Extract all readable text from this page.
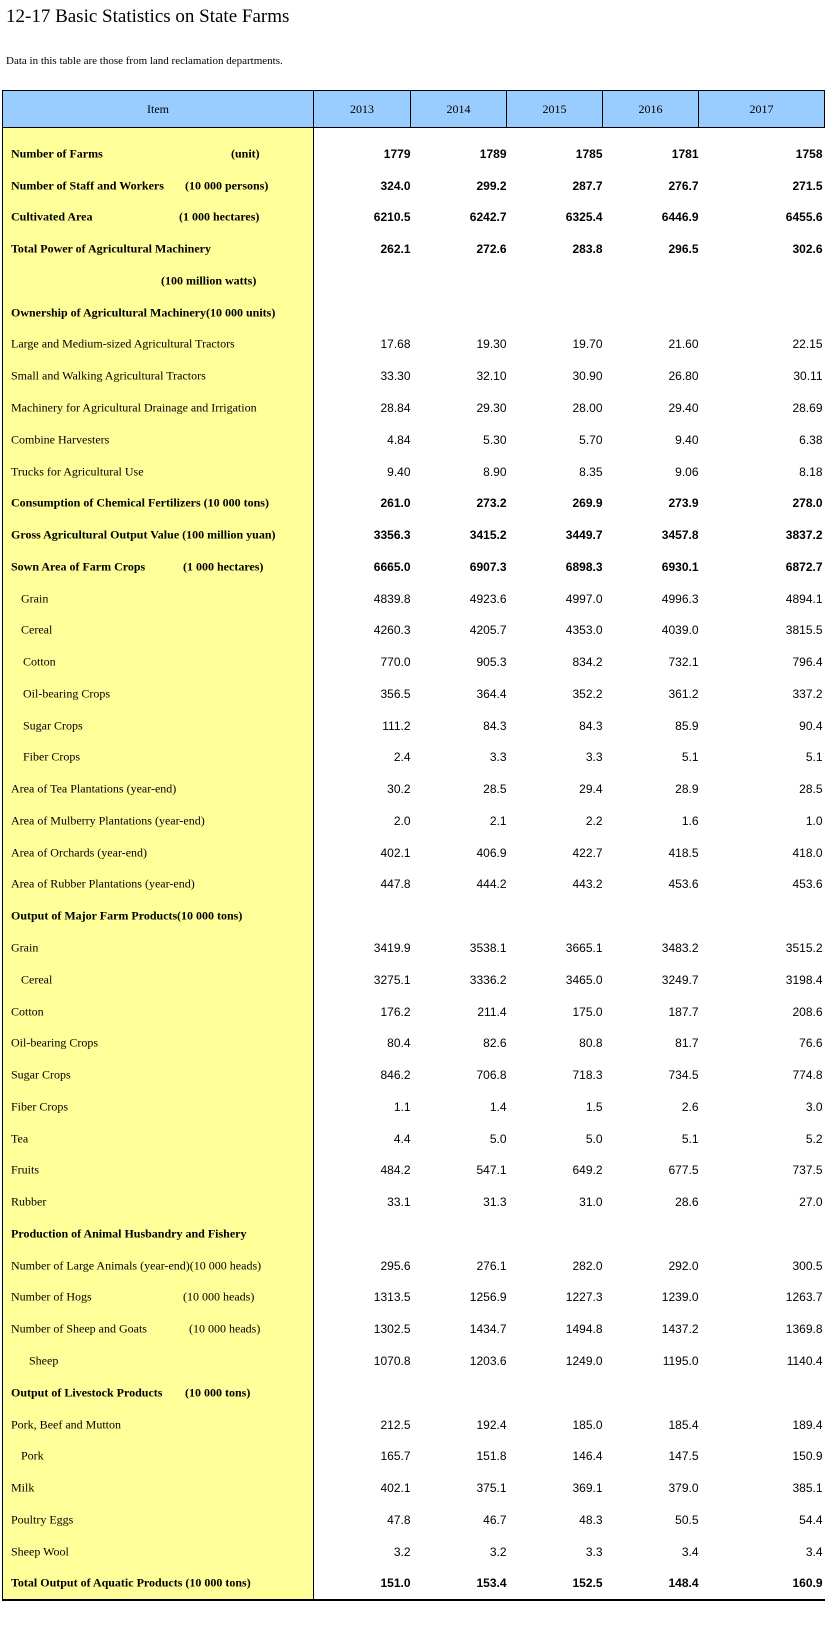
12-17 Basic Statistics on State Farms
Data in this table are those from land reclamation departments.
Item	2013	2014	2015	2016	2017

Number of Farms (unit)	1779	1789	1785	1781	1758

Number of Staff and Workers (10 000 persons)	324.0	299.2	287.7	276.7	271.5

Cultivated Area (1 000 hectares)	6210.5	6242.7	6325.4	6446.9	6455.6

Total Power of Agricultural Machinery	262.1	272.6	283.8	296.5	302.6

(100 million watts)					

Ownership of Agricultural Machinery(10 000 units)					

Large and Medium-sized Agricultural Tractors	17.68	19.30	19.70	21.60	22.15

Small and Walking Agricultural Tractors	33.30	32.10	30.90	26.80	30.11

Machinery for Agricultural Drainage and Irrigation	28.84	29.30	28.00	29.40	28.69

Combine Harvesters	4.84	5.30	5.70	9.40	6.38

Trucks for Agricultural Use	9.40	8.90	8.35	9.06	8.18

Consumption of Chemical Fertilizers (10 000 tons)	261.0	273.2	269.9	273.9	278.0

Gross Agricultural Output Value (100 million yuan)	3356.3	3415.2	3449.7	3457.8	3837.2

Sown Area of Farm Crops (1 000 hectares)	6665.0	6907.3	6898.3	6930.1	6872.7

Grain	4839.8	4923.6	4997.0	4996.3	4894.1

Cereal	4260.3	4205.7	4353.0	4039.0	3815.5

Cotton	770.0	905.3	834.2	732.1	796.4

Oil-bearing Crops	356.5	364.4	352.2	361.2	337.2

Sugar Crops	111.2	84.3	84.3	85.9	90.4

Fiber Crops	2.4	3.3	3.3	5.1	5.1

Area of Tea Plantations (year-end)	30.2	28.5	29.4	28.9	28.5

Area of Mulberry Plantations (year-end)	2.0	2.1	2.2	1.6	1.0

Area of Orchards (year-end)	402.1	406.9	422.7	418.5	418.0

Area of Rubber Plantations (year-end)	447.8	444.2	443.2	453.6	453.6

Output of Major Farm Products (10 000 tons)					

Grain	3419.9	3538.1	3665.1	3483.2	3515.2

Cereal	3275.1	3336.2	3465.0	3249.7	3198.4

Cotton	176.2	211.4	175.0	187.7	208.6

Oil-bearing Crops	80.4	82.6	80.8	81.7	76.6

Sugar Crops	846.2	706.8	718.3	734.5	774.8

Fiber Crops	1.1	1.4	1.5	2.6	3.0

Tea	4.4	5.0	5.0	5.1	5.2

Fruits	484.2	547.1	649.2	677.5	737.5

Rubber	33.1	31.3	31.0	28.6	27.0

Production of Animal Husbandry and Fishery					

Number of Large Animals (year-end)(10 000 heads)	295.6	276.1	282.0	292.0	300.5

Number of Hogs (10 000 heads)	1313.5	1256.9	1227.3	1239.0	1263.7

Number of Sheep and Goats (10 000 heads)	1302.5	1434.7	1494.8	1437.2	1369.8

Sheep	1070.8	1203.6	1249.0	1195.0	1140.4

Output of Livestock Products (10 000 tons)					

Pork, Beef and Mutton	212.5	192.4	185.0	185.4	189.4

Pork	165.7	151.8	146.4	147.5	150.9

Milk	402.1	375.1	369.1	379.0	385.1

Poultry Eggs	47.8	46.7	48.3	50.5	54.4

Sheep Wool	3.2	3.2	3.3	3.4	3.4

Total Output of Aquatic Products (10 000 tons)	151.0	153.4	152.5	148.4	160.9
